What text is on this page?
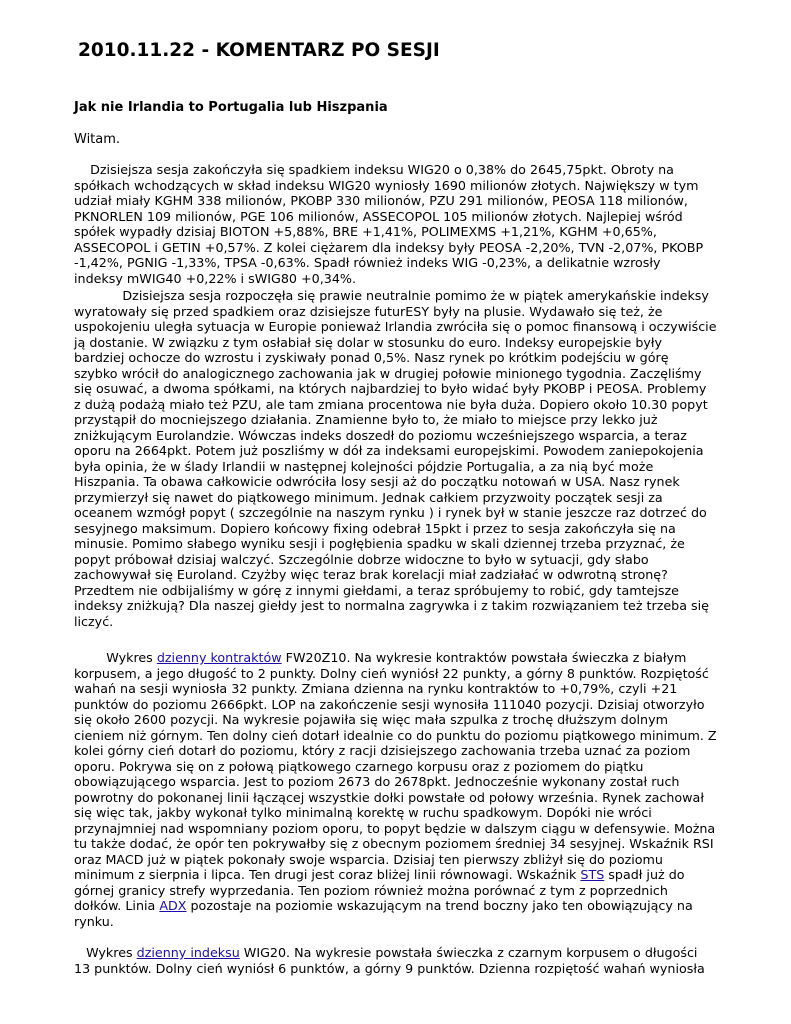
2010.11.22 - KOMENTARZ PO SESJI
Jak nie Irlandia to Portugalia lub Hiszpania

Witam.

Dzisiejsza sesja zakończyła się spadkiem indeksu WIG20 o 0,38% do 2645,75pkt. Obroty na
spółkach wchodzących w skład indeksu WIG20 wyniosły 1690 milionów złotych. Największy w tym
udział miały KGHM 338 milionów, PKOBP 330 milionów, PZU 291 milionów, PEOSA 118 milionów,
PKNORLEN 109 milionów, PGE 106 milionów, ASSECOPOL 105 milionów złotych. Najlepiej wśród
spółek wypadły dzisiaj BIOTON +5,88%, BRE +1,41%, POLIMEXMS +1,21%, KGHM +0,65%,
ASSECOPOL i GETIN +0,57%. Z kolei ciężarem dla indeksy były PEOSA -2,20%, TVN -2,07%, PKOBP
-1,42%, PGNIG -1,33%, TPSA -0,63%. Spadł również indeks WIG -0,23%, a delikatnie wzrosły
indeksy mWIG40 +0,22% i sWIG80 +0,34%.
Dzisiejsza sesja rozpoczęła się prawie neutralnie pomimo że w piątek amerykańskie indeksy
wyratowały się przed spadkiem oraz dzisiejsze futurESY były na plusie. Wydawało się też, że
uspokojeniu uległa sytuacja w Europie ponieważ Irlandia zwróciła się o pomoc finansową i oczywiście
ją dostanie. W związku z tym osłabiał się dolar w stosunku do euro. Indeksy europejskie były
bardziej ochocze do wzrostu i zyskiwały ponad 0,5%. Nasz rynek po krótkim podejściu w górę
szybko wrócił do analogicznego zachowania jak w drugiej połowie minionego tygodnia. Zaczęliśmy
się osuwać, a dwoma spółkami, na których najbardziej to było widać były PKOBP i PEOSA. Problemy
z dużą podażą miało też PZU, ale tam zmiana procentowa nie była duża. Dopiero około 10.30 popyt
przystąpił do mocniejszego działania. Znamienne było to, że miało to miejsce przy lekko już
zniżkującym Eurolandzie. Wówczas indeks doszedł do poziomu wcześniejszego wsparcia, a teraz
oporu na 2664pkt. Potem już poszliśmy w dół za indeksami europejskimi. Powodem zaniepokojenia
była opinia, że w ślady Irlandii w następnej kolejności pójdzie Portugalia, a za nią być może
Hiszpania. Ta obawa całkowicie odwróciła losy sesji aż do początku notowań w USA. Nasz rynek
przymierzył się nawet do piątkowego minimum. Jednak całkiem przyzwoity początek sesji za
oceanem wzmógł popyt ( szczególnie na naszym rynku ) i rynek był w stanie jeszcze raz dotrzeć do
sesyjnego maksimum. Dopiero końcowy fixing odebrał 15pkt i przez to sesja zakończyła się na
minusie. Pomimo słabego wyniku sesji i pogłębienia spadku w skali dziennej trzeba przyznać, że
popyt próbował dzisiaj walczyć. Szczególnie dobrze widoczne to było w sytuacji, gdy słabo
zachowywał się Euroland. Czyżby więc teraz brak korelacji miał zadziałać w odwrotną stronę?
Przedtem nie odbijaliśmy w górę z innymi giełdami, a teraz spróbujemy to robić, gdy tamtejsze
indeksy zniżkują? Dla naszej giełdy jest to normalna zagrywka i z takim rozwiązaniem też trzeba się
liczyć.
Wykres dzienny kontraktów FW20Z10. Na wykresie kontraktów powstała świeczka z białym
korpusem, a jego długość to 2 punkty. Dolny cień wyniósł 22 punkty, a górny 8 punktów. Rozpiętość
wahań na sesji wyniosła 32 punkty. Zmiana dzienna na rynku kontraktów to +0,79%, czyli +21
punktów do poziomu 2666pkt. LOP na zakończenie sesji wynosiła 111040 pozycji. Dzisiaj otworzyło
się około 2600 pozycji. Na wykresie pojawiła się więc mała szpulka z trochę dłuższym dolnym
cieniem niż górnym. Ten dolny cień dotarł idealnie co do punktu do poziomu piątkowego minimum. Z
kolei górny cień dotarł do poziomu, który z racji dzisiejszego zachowania trzeba uznać za poziom
oporu. Pokrywa się on z połową piątkowego czarnego korpusu oraz z poziomem do piątku
obowiązującego wsparcia. Jest to poziom 2673 do 2678pkt. Jednocześnie wykonany został ruch
powrotny do pokonanej linii łączącej wszystkie dołki powstałe od połowy września. Rynek zachował
się więc tak, jakby wykonał tylko minimalną korektę w ruchu spadkowym. Dopóki nie wróci
przynajmniej nad wspomniany poziom oporu, to popyt będzie w dalszym ciągu w defensywie. Można
tu także dodać, że opór ten pokrywałby się z obecnym poziomem średniej 34 sesyjnej. Wskaźnik RSI
oraz MACD już w piątek pokonały swoje wsparcia. Dzisiaj ten pierwszy zbliżył się do poziomu
minimum z sierpnia i lipca. Ten drugi jest coraz bliżej linii równowagi. Wskaźnik STS spadł już do
górnej granicy strefy wyprzedania. Ten poziom również można porównać z tym z poprzednich
dołków. Linia ADX pozostaje na poziomie wskazującym na trend boczny jako ten obowiązujący na
rynku.
Wykres dzienny indeksu WIG20. Na wykresie powstała świeczka z czarnym korpusem o długości
13 punktów. Dolny cień wyniósł 6 punktów, a górny 9 punktów. Dzienna rozpiętość wahań wyniosła
